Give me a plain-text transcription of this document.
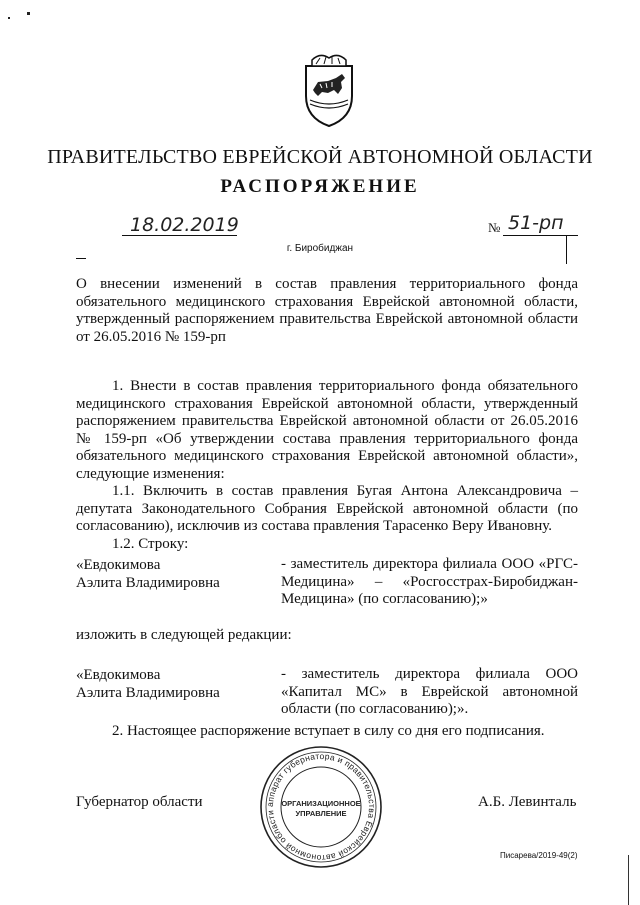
ПРАВИТЕЛЬСТВО ЕВРЕЙСКОЙ АВТОНОМНОЙ ОБЛАСТИ
РАСПОРЯЖЕНИЕ
18.02.2019	№ 51-рп
г. Биробиджан
О внесении изменений в состав правления территориального фонда обязательного медицинского страхования Еврейской автономной области, утвержденный распоряжением правительства Еврейской автономной области от 26.05.2016 № 159-рп
1. Внести в состав правления территориального фонда обязательного медицинского страхования Еврейской автономной области, утвержденный распоряжением правительства Еврейской автономной области от 26.05.2016 № 159-рп «Об утверждении состава правления территориального фонда обязательного медицинского страхования Еврейской автономной области», следующие изменения:
1.1. Включить в состав правления Бугая Антона Александровича – депутата Законодательного Собрания Еврейской автономной области (по согласованию), исключив из состава правления Тарасенко Веру Ивановну.
1.2. Строку:
«Евдокимова
Аэлита Владимировна
- заместитель директора филиала ООО «РГС-Медицина» – «Росгосстрах-Биробиджан-Медицина» (по согласованию);»
изложить в следующей редакции:
«Евдокимова
Аэлита Владимировна
- заместитель директора филиала ООО «Капитал МС» в Еврейской автономной области (по согласованию);».
2. Настоящее распоряжение вступает в силу со дня его подписания.
Губернатор области	А.Б. Левинталь
аппарат губернатора и правительства Еврейской автономной области
ОРГАНИЗАЦИОННОЕ
УПРАВЛЕНИЕ
Писарева/2019-49(2)
